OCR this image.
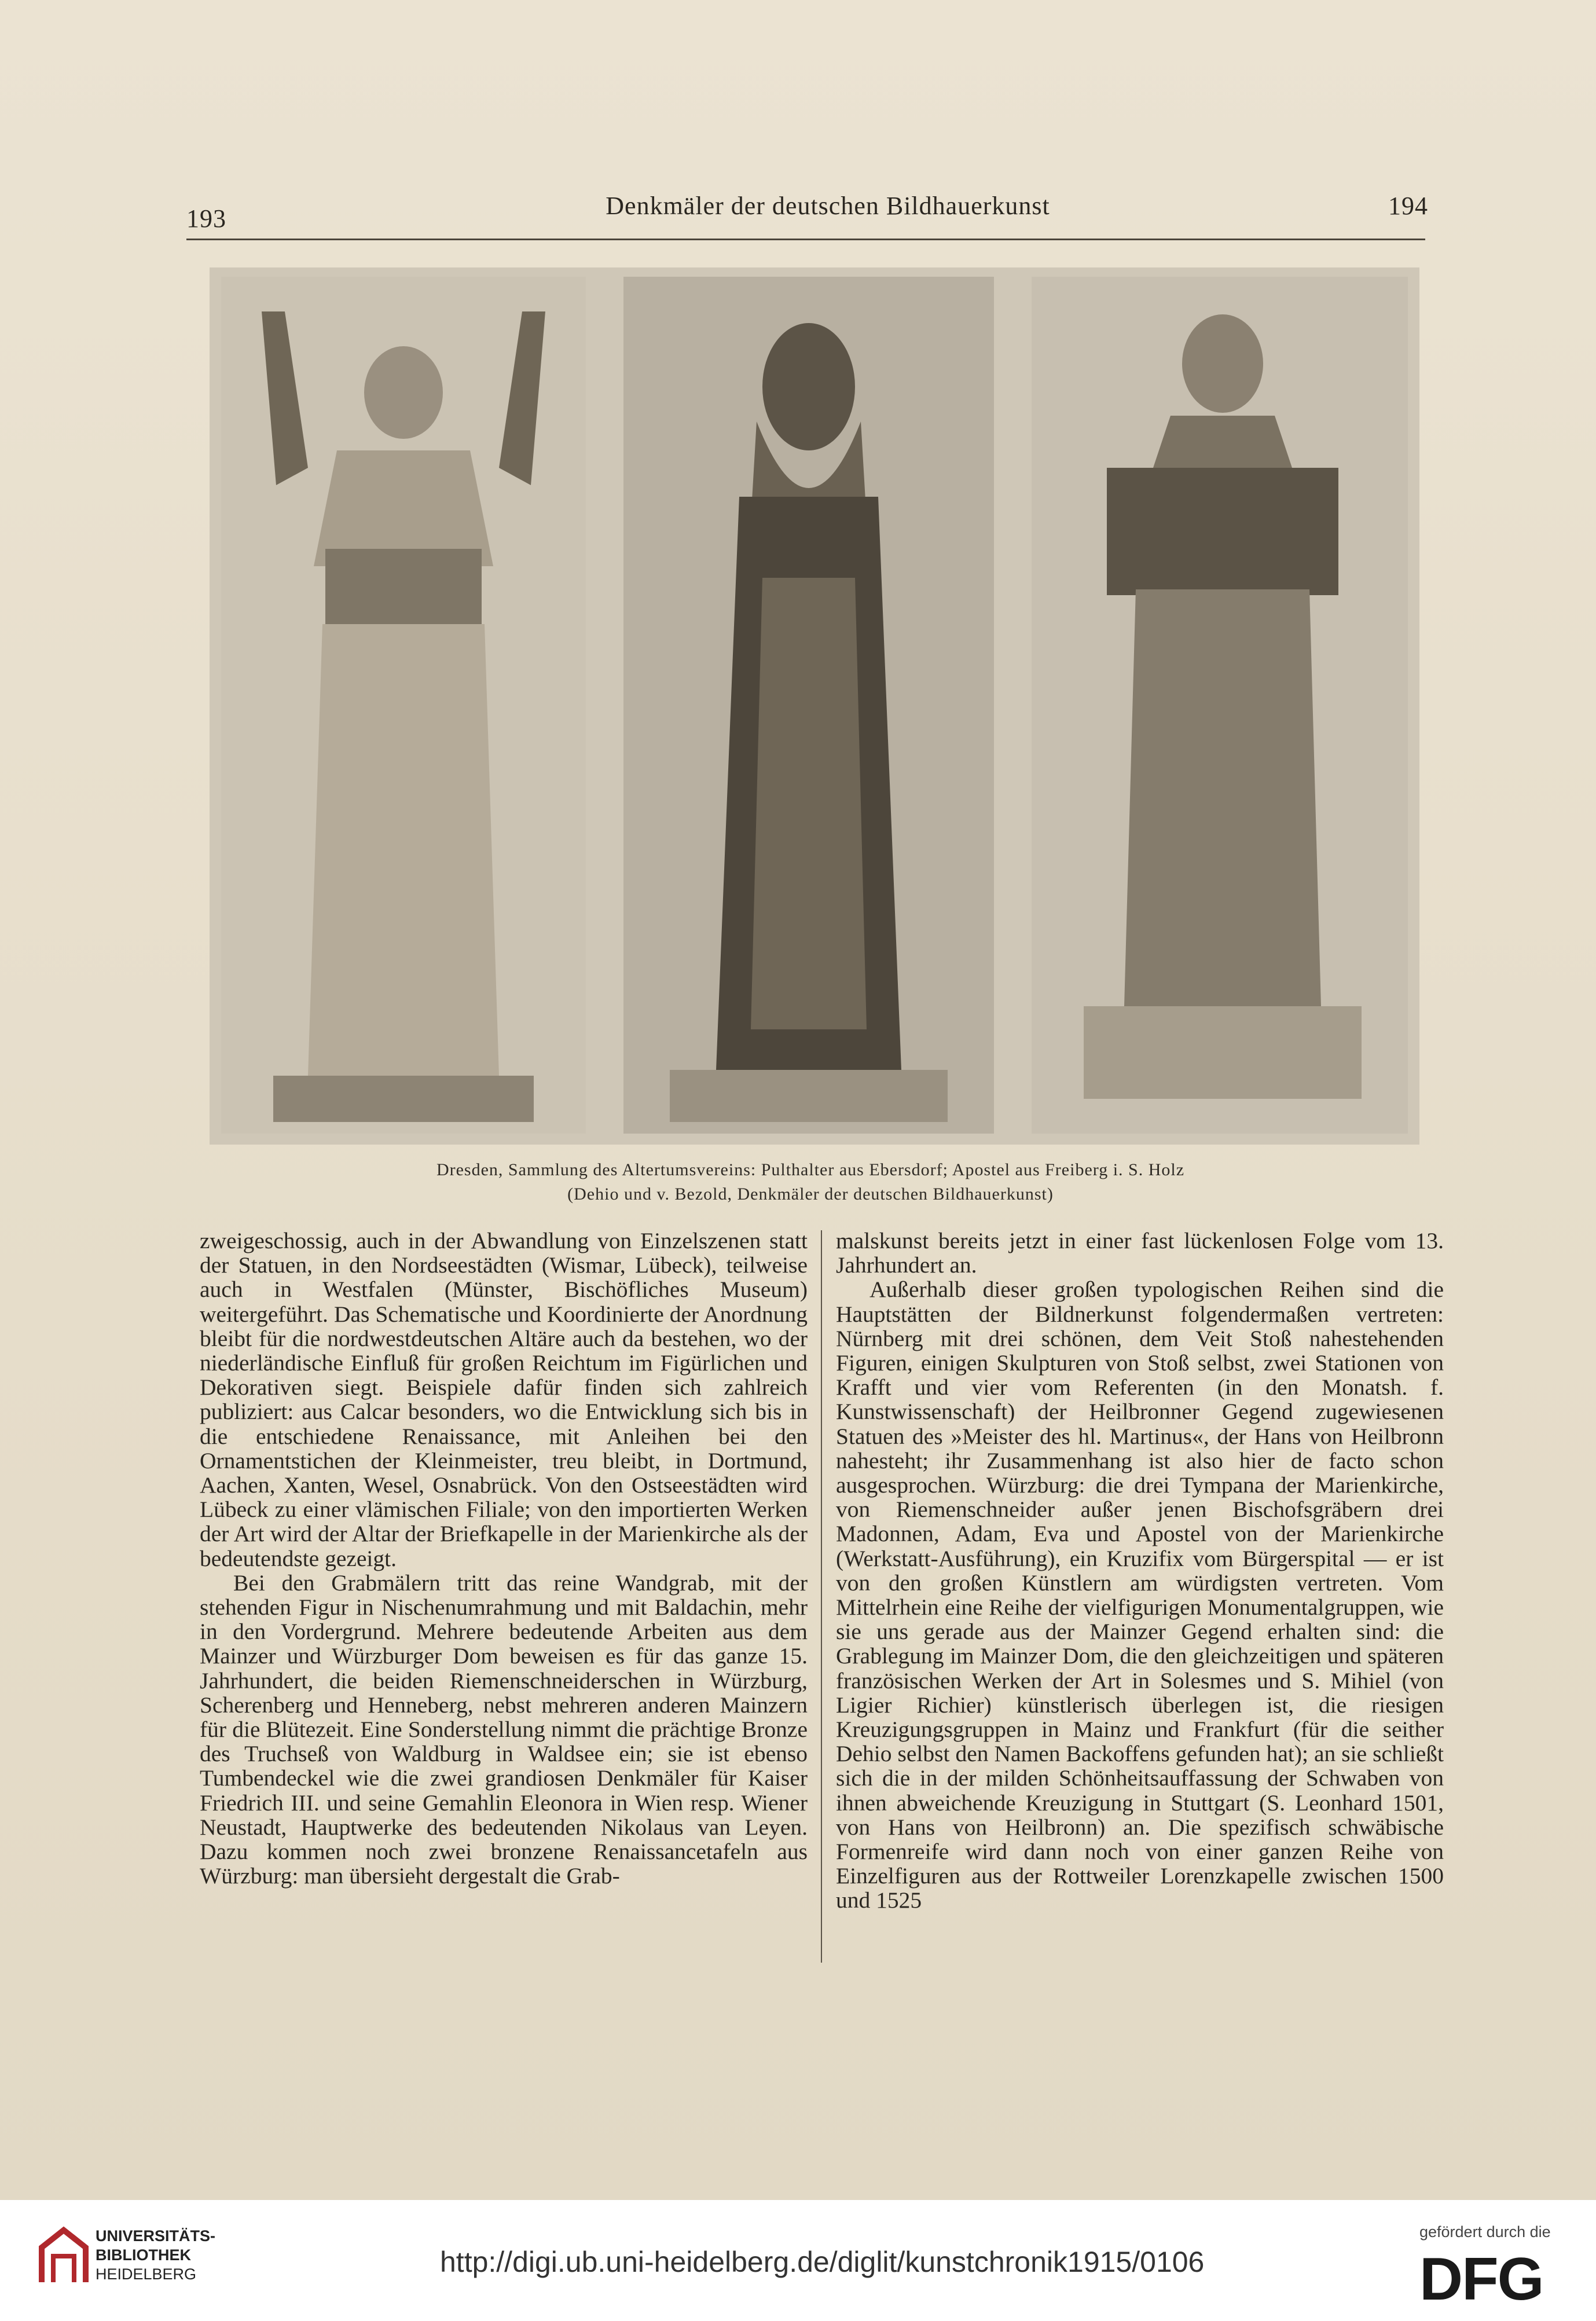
193	Denkmäler der deutschen Bildhauerkunst	194
Dresden, Sammlung des Altertumsvereins: Pulthalter aus Ebersdorf; Apostel aus Freiberg i. S. Holz
(Dehio und v. Bezold, Denkmäler der deutschen Bildhauerkunst)

zweigeschossig, auch in der Abwandlung von Einzelszenen statt der Statuen, in den Nordseestädten (Wismar, Lübeck), teilweise auch in Westfalen (Münster, Bischöfliches Museum) weitergeführt. Das Schematische und Koordinierte der Anordnung bleibt für die nordwestdeutschen Altäre auch da bestehen, wo der niederländische Einfluß für großen Reichtum im Figürlichen und Dekorativen siegt. Beispiele dafür finden sich zahlreich publiziert: aus Calcar besonders, wo die Entwicklung sich bis in die entschiedene Renaissance, mit Anleihen bei den Ornamentstichen der Kleinmeister, treu bleibt, in Dortmund, Aachen, Xanten, Wesel, Osnabrück. Von den Ostseestädten wird Lübeck zu einer vlämischen Filiale; von den importierten Werken der Art wird der Altar der Briefkapelle in der Marienkirche als der bedeutendste gezeigt.

Bei den Grabmälern tritt das reine Wandgrab, mit der stehenden Figur in Nischenumrahmung und mit Baldachin, mehr in den Vordergrund. Mehrere bedeutende Arbeiten aus dem Mainzer und Würzburger Dom beweisen es für das ganze 15. Jahrhundert, die beiden Riemenschneiderschen in Würzburg, Scherenberg und Henneberg, nebst mehreren anderen Mainzern für die Blütezeit. Eine Sonderstellung nimmt die prächtige Bronze des Truchseß von Waldburg in Waldsee ein; sie ist ebenso Tumbendeckel wie die zwei grandiosen Denkmäler für Kaiser Friedrich III. und seine Gemahlin Eleonora in Wien resp. Wiener Neustadt, Hauptwerke des bedeutenden Nikolaus van Leyen. Dazu kommen noch zwei bronzene Renaissancetafeln aus Würzburg: man übersieht dergestalt die Grab-

malskunst bereits jetzt in einer fast lückenlosen Folge vom 13. Jahrhundert an.

Außerhalb dieser großen typologischen Reihen sind die Hauptstätten der Bildnerkunst folgendermaßen vertreten: Nürnberg mit drei schönen, dem Veit Stoß nahestehenden Figuren, einigen Skulpturen von Stoß selbst, zwei Stationen von Krafft und vier vom Referenten (in den Monatsh. f. Kunstwissenschaft) der Heilbronner Gegend zugewiesenen Statuen des »Meister des hl. Martinus«, der Hans von Heilbronn nahesteht; ihr Zusammenhang ist also hier de facto schon ausgesprochen. Würzburg: die drei Tympana der Marienkirche, von Riemenschneider außer jenen Bischofsgräbern drei Madonnen, Adam, Eva und Apostel von der Marienkirche (Werkstatt-Ausführung), ein Kruzifix vom Bürgerspital — er ist von den großen Künstlern am würdigsten vertreten. Vom Mittelrhein eine Reihe der vielfigurigen Monumentalgruppen, wie sie uns gerade aus der Mainzer Gegend erhalten sind: die Grablegung im Mainzer Dom, die den gleichzeitigen und späteren französischen Werken der Art in Solesmes und S. Mihiel (von Ligier Richier) künstlerisch überlegen ist, die riesigen Kreuzigungsgruppen in Mainz und Frankfurt (für die seither Dehio selbst den Namen Backoffens gefunden hat); an sie schließt sich die in der milden Schönheitsauffassung der Schwaben von ihnen abweichende Kreuzigung in Stuttgart (S. Leonhard 1501, von Hans von Heilbronn) an. Die spezifisch schwäbische Formenreife wird dann noch von einer ganzen Reihe von Einzelfiguren aus der Rottweiler Lorenzkapelle zwischen 1500 und 1525

UNIVERSITÄTS-
BIBLIOTHEK
HEIDELBERG	http://digi.ub.uni-heidelberg.de/diglit/kunstchronik1915/0106
gefördert durch die
DFG
